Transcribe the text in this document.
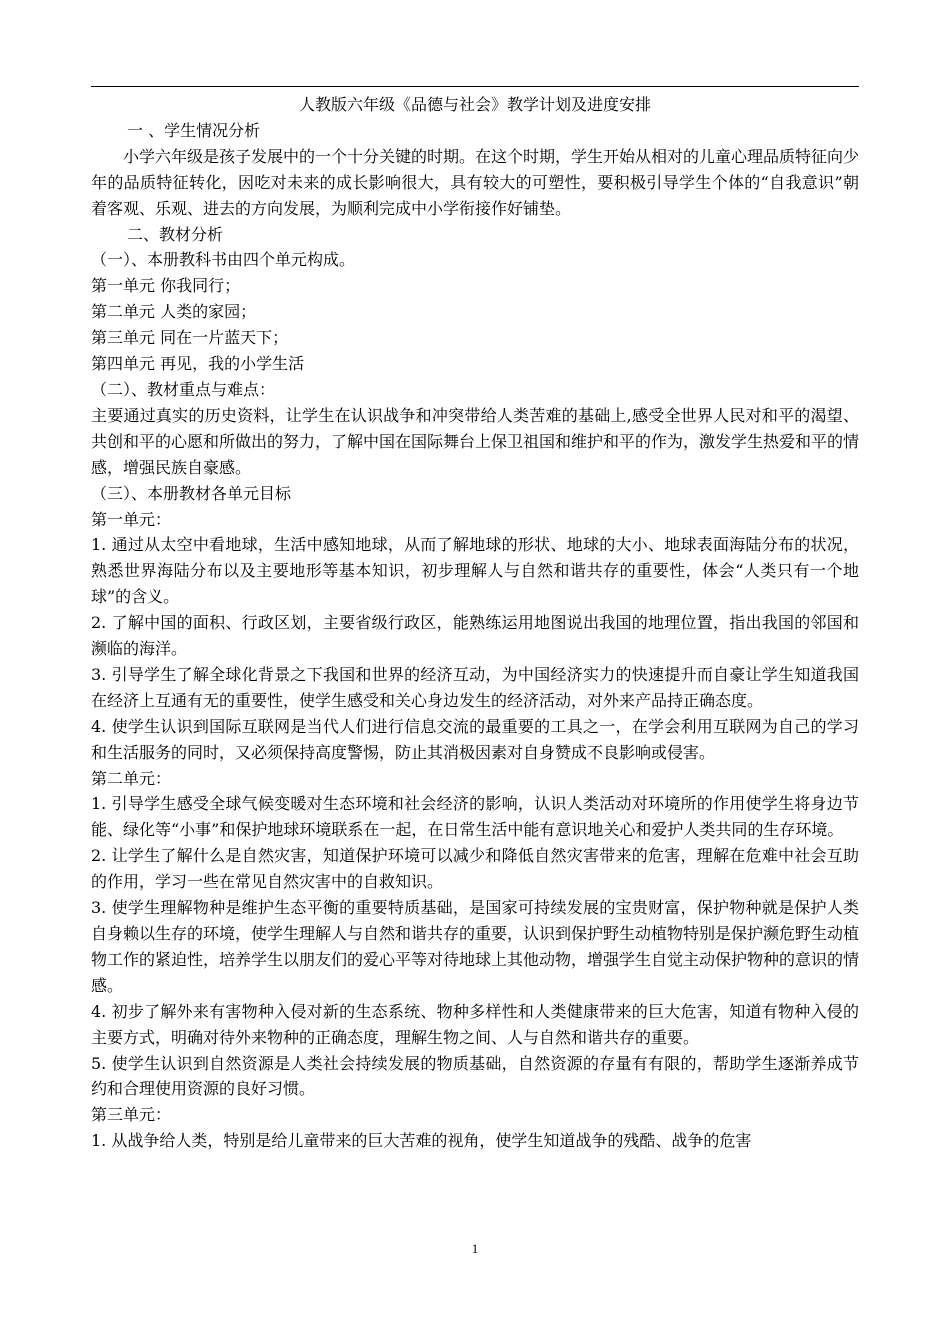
人教版六年级《品德与社会》教学计划及进度安排

一 、学生情况分析

小学六年级是孩子发展中的一个十分关键的时期。在这个时期，学生开始从相对的儿童心理品质特征向少年的品质特征转化，因吃对未来的成长影响很大，具有较大的可塑性，要积极引导学生个体的“自我意识”朝着客观、乐观、进去的方向发展，为顺利完成中小学衔接作好铺垫。

二、教材分析

（一）、本册教科书由四个单元构成。

第一单元 你我同行；

第二单元 人类的家园；

第三单元 同在一片蓝天下；

第四单元 再见，我的小学生活

（二）、教材重点与难点：

主要通过真实的历史资料，让学生在认识战争和冲突带给人类苦难的基础上,感受全世界人民对和平的渴望、共创和平的心愿和所做出的努力，了解中国在国际舞台上保卫祖国和维护和平的作为，激发学生热爱和平的情感，增强民族自豪感。

（三）、本册教材各单元目标

第一单元：

1. 通过从太空中看地球，生活中感知地球，从而了解地球的形状、地球的大小、地球表面海陆分布的状况，熟悉世界海陆分布以及主要地形等基本知识，初步理解人与自然和谐共存的重要性，体会“人类只有一个地球”的含义。

2. 了解中国的面积、行政区划，主要省级行政区，能熟练运用地图说出我国的地理位置，指出我国的邻国和濒临的海洋。

3. 引导学生了解全球化背景之下我国和世界的经济互动，为中国经济实力的快速提升而自豪让学生知道我国在经济上互通有无的重要性，使学生感受和关心身边发生的经济活动，对外来产品持正确态度。

4. 使学生认识到国际互联网是当代人们进行信息交流的最重要的工具之一，在学会利用互联网为自己的学习和生活服务的同时，又必须保持高度警惕，防止其消极因素对自身赞成不良影响或侵害。

第二单元：

1. 引导学生感受全球气候变暖对生态环境和社会经济的影响，认识人类活动对环境所的作用使学生将身边节能、绿化等“小事”和保护地球环境联系在一起，在日常生活中能有意识地关心和爱护人类共同的生存环境。

2. 让学生了解什么是自然灾害，知道保护环境可以减少和降低自然灾害带来的危害，理解在危难中社会互助的作用，学习一些在常见自然灾害中的自救知识。

3. 使学生理解物种是维护生态平衡的重要特质基础，是国家可持续发展的宝贵财富，保护物种就是保护人类自身赖以生存的环境，使学生理解人与自然和谐共存的重要，认识到保护野生动植物特别是保护濒危野生动植物工作的紧迫性，培养学生以朋友们的爱心平等对待地球上其他动物，增强学生自觉主动保护物种的意识的情感。

4. 初步了解外来有害物种入侵对新的生态系统、物种多样性和人类健康带来的巨大危害，知道有物种入侵的主要方式，明确对待外来物种的正确态度，理解生物之间、人与自然和谐共存的重要。

5. 使学生认识到自然资源是人类社会持续发展的物质基础，自然资源的存量有有限的，帮助学生逐渐养成节约和合理使用资源的良好习惯。

第三单元：

1. 从战争给人类，特别是给儿童带来的巨大苦难的视角，使学生知道战争的残酷、战争的危害

1
